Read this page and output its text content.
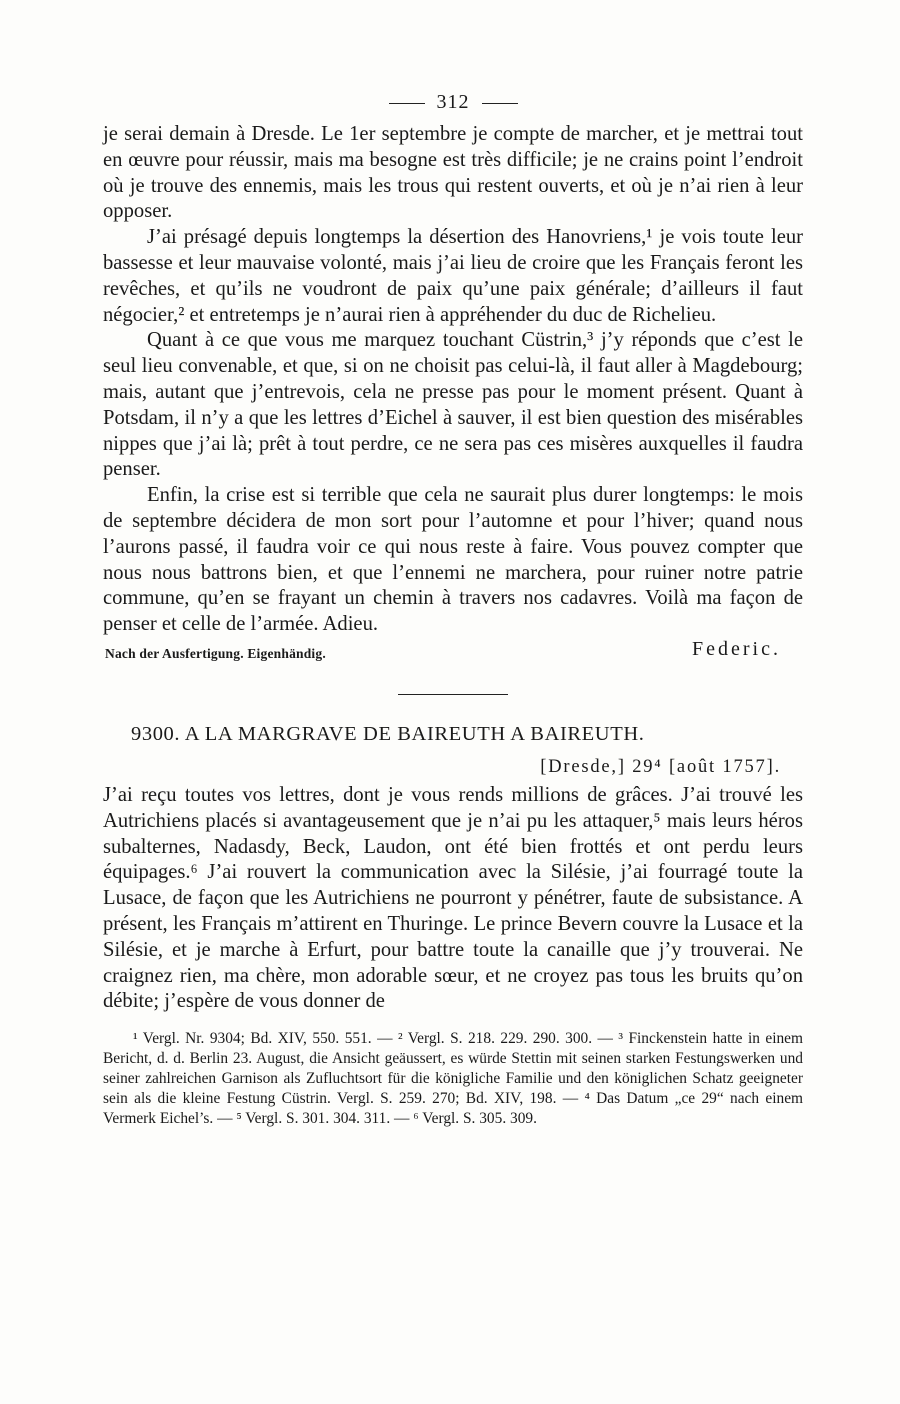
312

je serai demain à Dresde. Le 1er septembre je compte de marcher, et je mettrai tout en œuvre pour réussir, mais ma besogne est très difficile; je ne crains point l’endroit où je trouve des ennemis, mais les trous qui restent ouverts, et où je n’ai rien à leur opposer.

J’ai présagé depuis longtemps la désertion des Hanovriens,¹ je vois toute leur bassesse et leur mauvaise volonté, mais j’ai lieu de croire que les Français feront les revêches, et qu’ils ne voudront de paix qu’une paix générale; d’ailleurs il faut négocier,² et entretemps je n’aurai rien à appréhender du duc de Richelieu.

Quant à ce que vous me marquez touchant Cüstrin,³ j’y réponds que c’est le seul lieu convenable, et que, si on ne choisit pas celui-là, il faut aller à Magdebourg; mais, autant que j’entrevois, cela ne presse pas pour le moment présent. Quant à Potsdam, il n’y a que les lettres d’Eichel à sauver, il est bien question des misérables nippes que j’ai là; prêt à tout perdre, ce ne sera pas ces misères auxquelles il faudra penser.

Enfin, la crise est si terrible que cela ne saurait plus durer longtemps: le mois de septembre décidera de mon sort pour l’automne et pour l’hiver; quand nous l’aurons passé, il faudra voir ce qui nous reste à faire. Vous pouvez compter que nous nous battrons bien, et que l’ennemi ne marchera, pour ruiner notre patrie commune, qu’en se frayant un chemin à travers nos cadavres. Voilà ma façon de penser et celle de l’armée. Adieu.

Nach der Ausfertigung. Eigenhändig.	Federic.
9300. A LA MARGRAVE DE BAIREUTH A BAIREUTH.
[Dresde,] 29⁴ [août 1757].

J’ai reçu toutes vos lettres, dont je vous rends millions de grâces. J’ai trouvé les Autrichiens placés si avantageusement que je n’ai pu les attaquer,⁵ mais leurs héros subalternes, Nadasdy, Beck, Laudon, ont été bien frottés et ont perdu leurs équipages.⁶ J’ai rouvert la communication avec la Silésie, j’ai fourragé toute la Lusace, de façon que les Autrichiens ne pourront y pénétrer, faute de subsistance. A présent, les Français m’attirent en Thuringe. Le prince Bevern couvre la Lusace et la Silésie, et je marche à Erfurt, pour battre toute la canaille que j’y trouverai. Ne craignez rien, ma chère, mon adorable sœur, et ne croyez pas tous les bruits qu’on débite; j’espère de vous donner de

¹ Vergl. Nr. 9304; Bd. XIV, 550. 551. — ² Vergl. S. 218. 229. 290. 300. — ³ Finckenstein hatte in einem Bericht, d. d. Berlin 23. August, die Ansicht geäussert, es würde Stettin mit seinen starken Festungswerken und seiner zahlreichen Garnison als Zufluchtsort für die königliche Familie und den königlichen Schatz geeigneter sein als die kleine Festung Cüstrin. Vergl. S. 259. 270; Bd. XIV, 198. — ⁴ Das Datum „ce 29“ nach einem Vermerk Eichel’s. — ⁵ Vergl. S. 301. 304. 311. — ⁶ Vergl. S. 305. 309.
